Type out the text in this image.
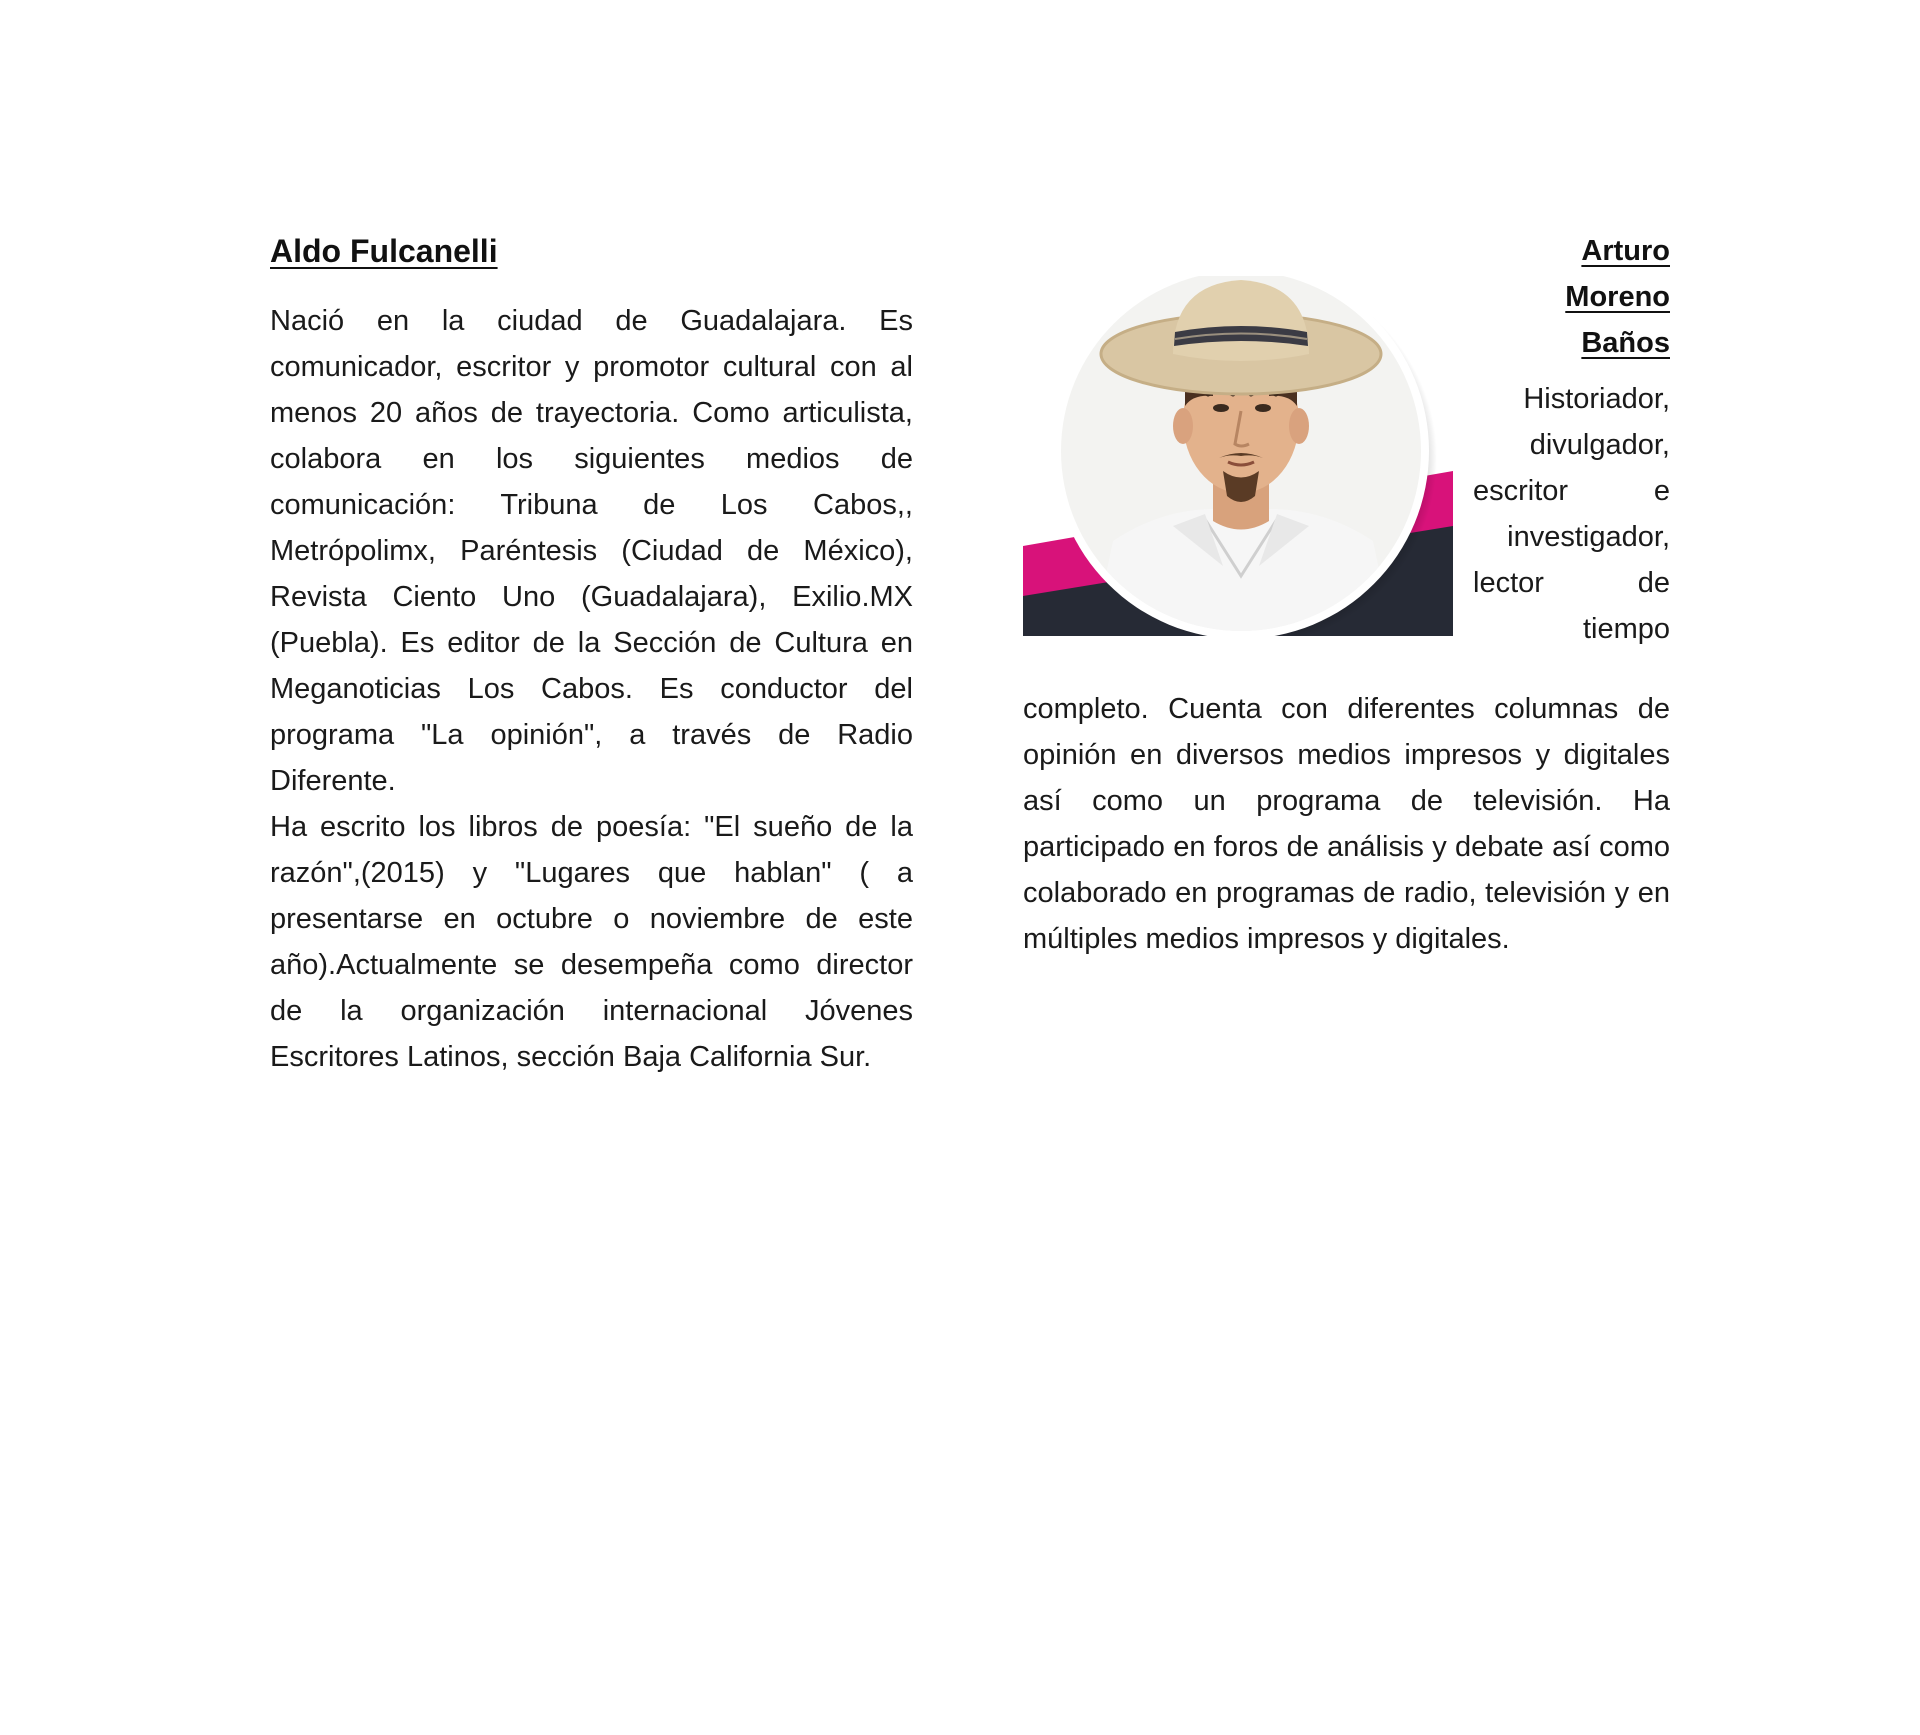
Aldo Fulcanelli

Nació en la ciudad de Guadalajara. Es comunicador, escritor y promotor cultural con al menos 20 años de trayectoria. Como articulista, colabora en los siguientes medios de comunicación: Tribuna de Los Cabos,, Metrópolimx, Paréntesis (Ciudad de México), Revista Ciento Uno (Guadalajara), Exilio.MX (Puebla). Es editor de la Sección de Cultura en Meganoticias Los Cabos. Es conductor del programa "La opinión", a través de Radio Diferente.

Ha escrito los libros de poesía: "El sueño de la razón",(2015) y "Lugares que hablan" ( a presentarse en octubre o noviembre de este año).Actualmente se desempeña como director de la organización internacional Jóvenes Escritores Latinos, sección Baja California Sur.

Arturo
Moreno
Baños

Historiador,
divulgador,
escritor	e
investigador,
lector	de
tiempo

completo. Cuenta con diferentes columnas de opinión en diversos medios impresos y digitales así como un programa de televisión. Ha participado en foros de análisis y debate así como colaborado en programas de radio, televisión y en múltiples medios impresos y digitales.
